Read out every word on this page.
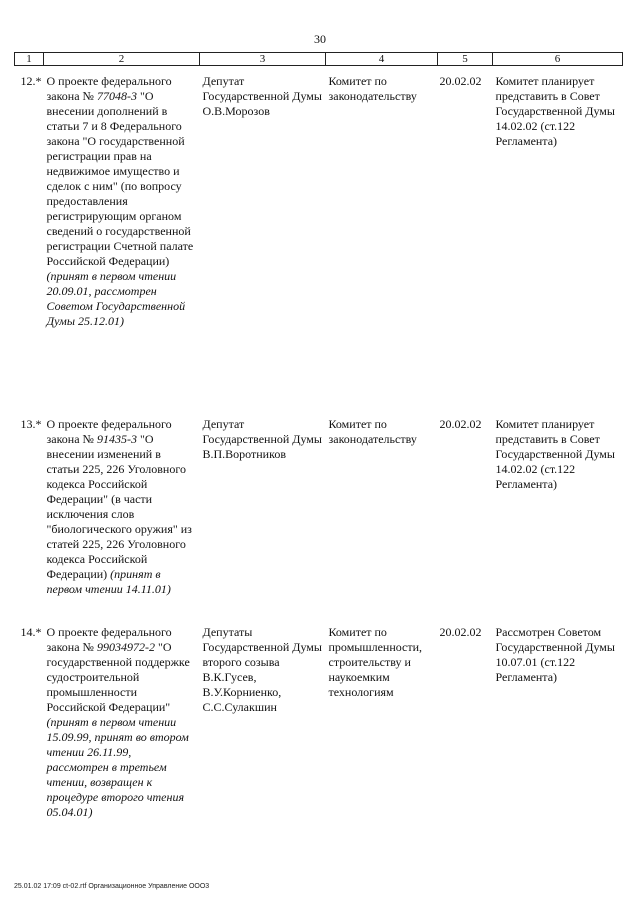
30
1	2	3	4	5	6
12.*	О проекте федерального закона № 77048-3 "О внесении дополнений в статьи 7 и 8 Федерального закона "О государственной регистрации прав на недвижимое имущество и сделок с ним" (по вопросу предоставления регистрирующим органом сведений о государственной регистрации Счетной палате Российской Федерации) (принят в первом чтении 20.09.01, рассмотрен Советом Государственной Думы 25.12.01)	Депутат Государственной Думы О.В.Морозов	Комитет по законодательству	20.02.02	Комитет планирует представить в Совет Государственной Думы 14.02.02 (ст.122 Регламента)
13.*	О проекте федерального закона № 91435-3 "О внесении изменений в статьи 225, 226 Уголовного кодекса Российской Федерации" (в части исключения слов "биологического оружия" из статей 225, 226 Уголовного кодекса Российской Федерации) (принят в первом чтении 14.11.01)	Депутат Государственной Думы В.П.Воротников	Комитет по законодательству	20.02.02	Комитет планирует представить в Совет Государственной Думы 14.02.02 (ст.122 Регламента)
14.*	О проекте федерального закона № 99034972-2 "О государственной поддержке судостроительной промышленности Российской Федерации" (принят в первом чтении 15.09.99, принят во втором чтении 26.11.99, рассмотрен в третьем чтении, возвращен к процедуре второго чтения 05.04.01)	Депутаты Государственной Думы второго созыва В.К.Гусев, В.У.Корниенко, С.С.Сулакшин	Комитет по промышленности, строительству и наукоемким технологиям	20.02.02	Рассмотрен Советом Государственной Думы 10.07.01 (ст.122 Регламента)
25.01.02 17:09 ct-02.rtf Организационное Управление ООО3
